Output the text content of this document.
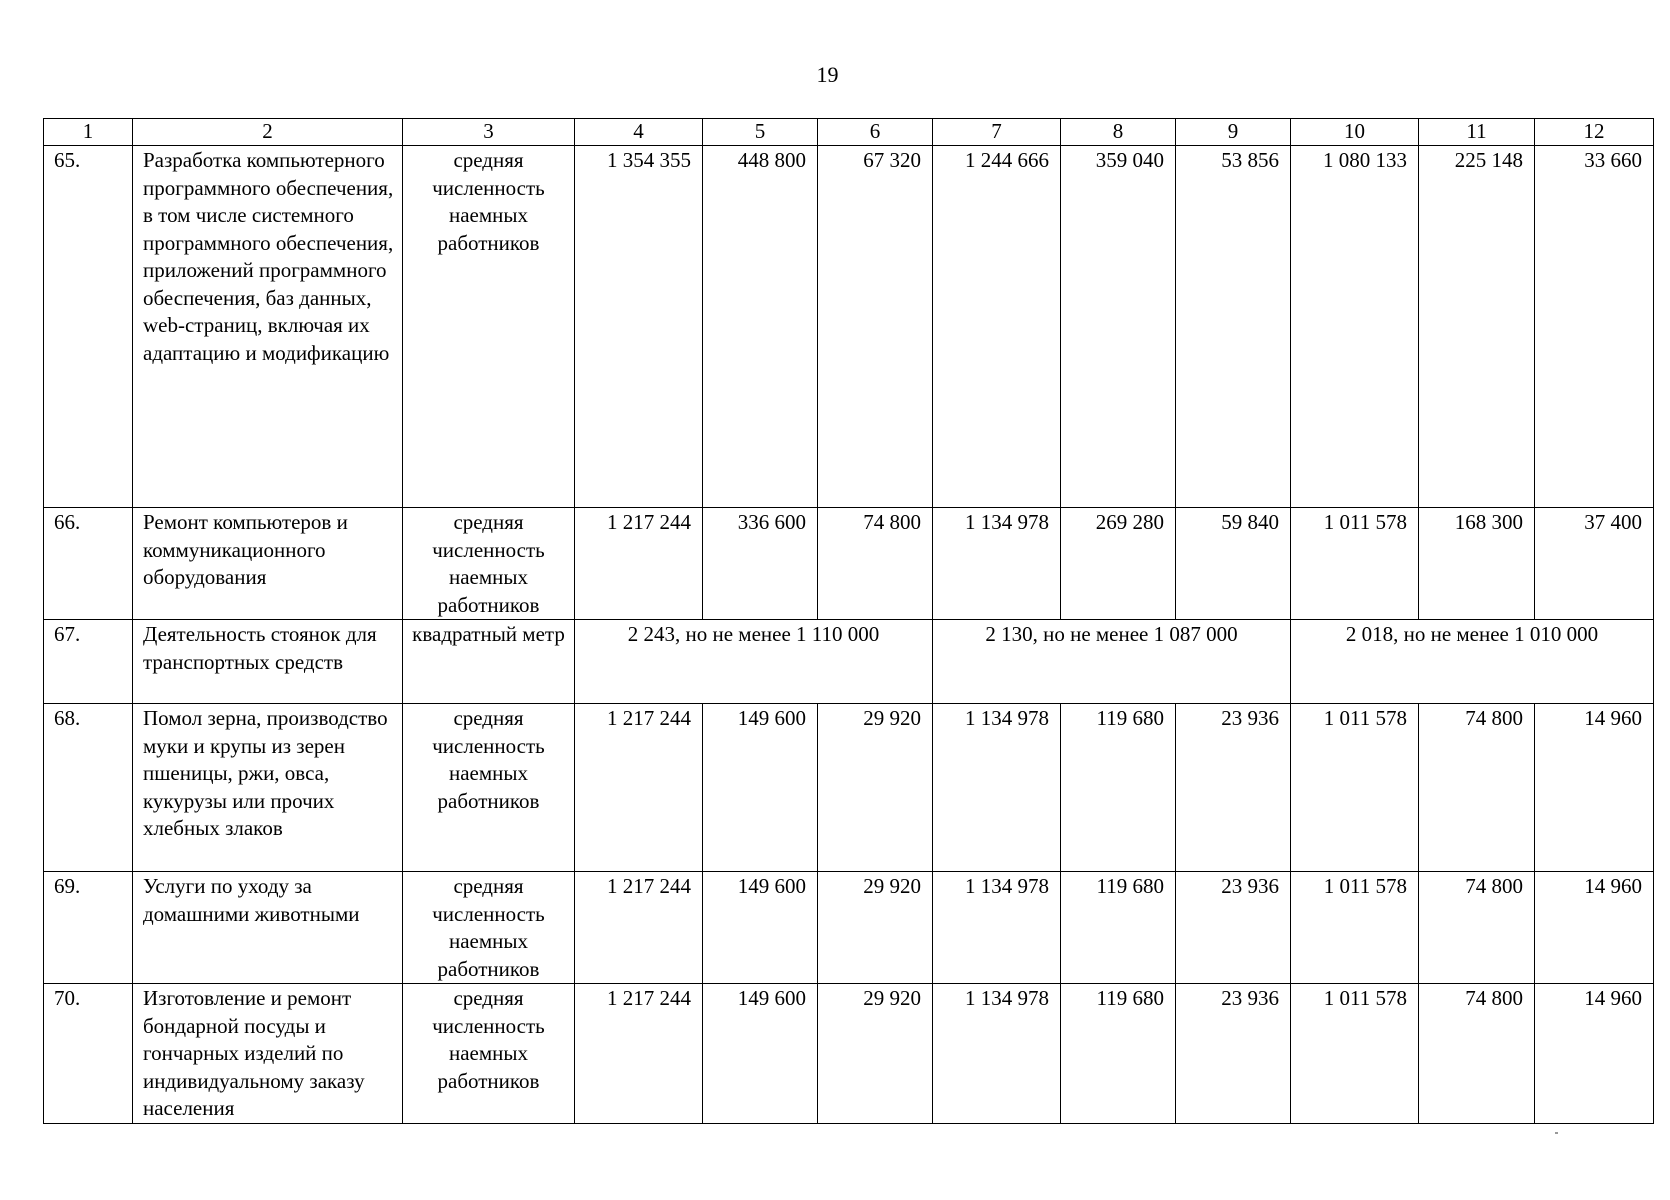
19
1	2	3	4	5	6	7	8	9	10	11	12
65.	Разработка компьютерного программного обеспечения, в том числе системного программного обеспечения, приложений программного обеспечения, баз данных, web-страниц, включая их адаптацию и модификацию	средняя численность наемных работников	1 354 355	448 800	67 320	1 244 666	359 040	53 856	1 080 133	225 148	33 660
66.	Ремонт компьютеров и коммуникационного оборудования	средняя численность наемных работников	1 217 244	336 600	74 800	1 134 978	269 280	59 840	1 011 578	168 300	37 400
67.	Деятельность стоянок для транспортных средств	квадратный метр	2 243, но не менее 1 110 000			2 130, но не менее 1 087 000			2 018, но не менее 1 010 000		
68.	Помол зерна, производство муки и крупы из зерен пшеницы, ржи, овса, кукурузы или прочих хлебных злаков	средняя численность наемных работников	1 217 244	149 600	29 920	1 134 978	119 680	23 936	1 011 578	74 800	14 960
69.	Услуги по уходу за домашними животными	средняя численность наемных работников	1 217 244	149 600	29 920	1 134 978	119 680	23 936	1 011 578	74 800	14 960
70.	Изготовление и ремонт бондарной посуды и гончарных изделий по индивидуальному заказу населения	средняя численность наемных работников	1 217 244	149 600	29 920	1 134 978	119 680	23 936	1 011 578	74 800	14 960
